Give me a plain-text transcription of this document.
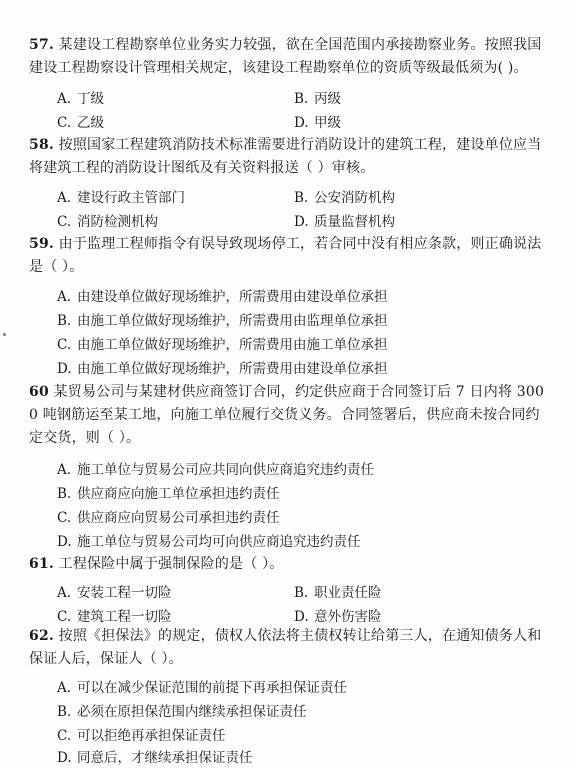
57. 某建设工程勘察单位业务实力较强，欲在全国范围内承接勘察业务。按照我国建设工程勘察设计管理相关规定，该建设工程勘察单位的资质等级最低须为( )。
A. 丁级	B. 丙级
C. 乙级	D. 甲级
58. 按照国家工程建筑消防技术标准需要进行消防设计的建筑工程，建设单位应当将建筑工程的消防设计图纸及有关资料报送（ ）审核。
A. 建设行政主管部门	B. 公安消防机构
C. 消防检测机构	D. 质量监督机构
59. 由于监理工程师指令有误导致现场停工，若合同中没有相应条款，则正确说法是（ ）。
A. 由建设单位做好现场维护，所需费用由建设单位承担
B. 由施工单位做好现场维护，所需费用由监理单位承担
C. 由施工单位做好现场维护，所需费用由施工单位承担
D. 由施工单位做好现场维护，所需费用由建设单位承担
60 某贸易公司与某建材供应商签订合同，约定供应商于合同签订后 7 日内将 3000 吨钢筋运至某工地，向施工单位履行交货义务。合同签署后，供应商未按合同约定交货，则（ ）。
A. 施工单位与贸易公司应共同向供应商追究违约责任
B. 供应商应向施工单位承担违约责任
C. 供应商应向贸易公司承担违约责任
D. 施工单位与贸易公司均可向供应商追究违约责任
61. 工程保险中属于强制保险的是（ ）。
A. 安装工程一切险	B. 职业责任险
C. 建筑工程一切险	D. 意外伤害险
62. 按照《担保法》的规定，债权人依法将主债权转让给第三人，在通知债务人和保证人后，保证人（ ）。
A. 可以在减少保证范围的前提下再承担保证责任
B. 必须在原担保范围内继续承担保证责任
C. 可以拒绝再承担保证责任
D. 同意后，才继续承担保证责任
